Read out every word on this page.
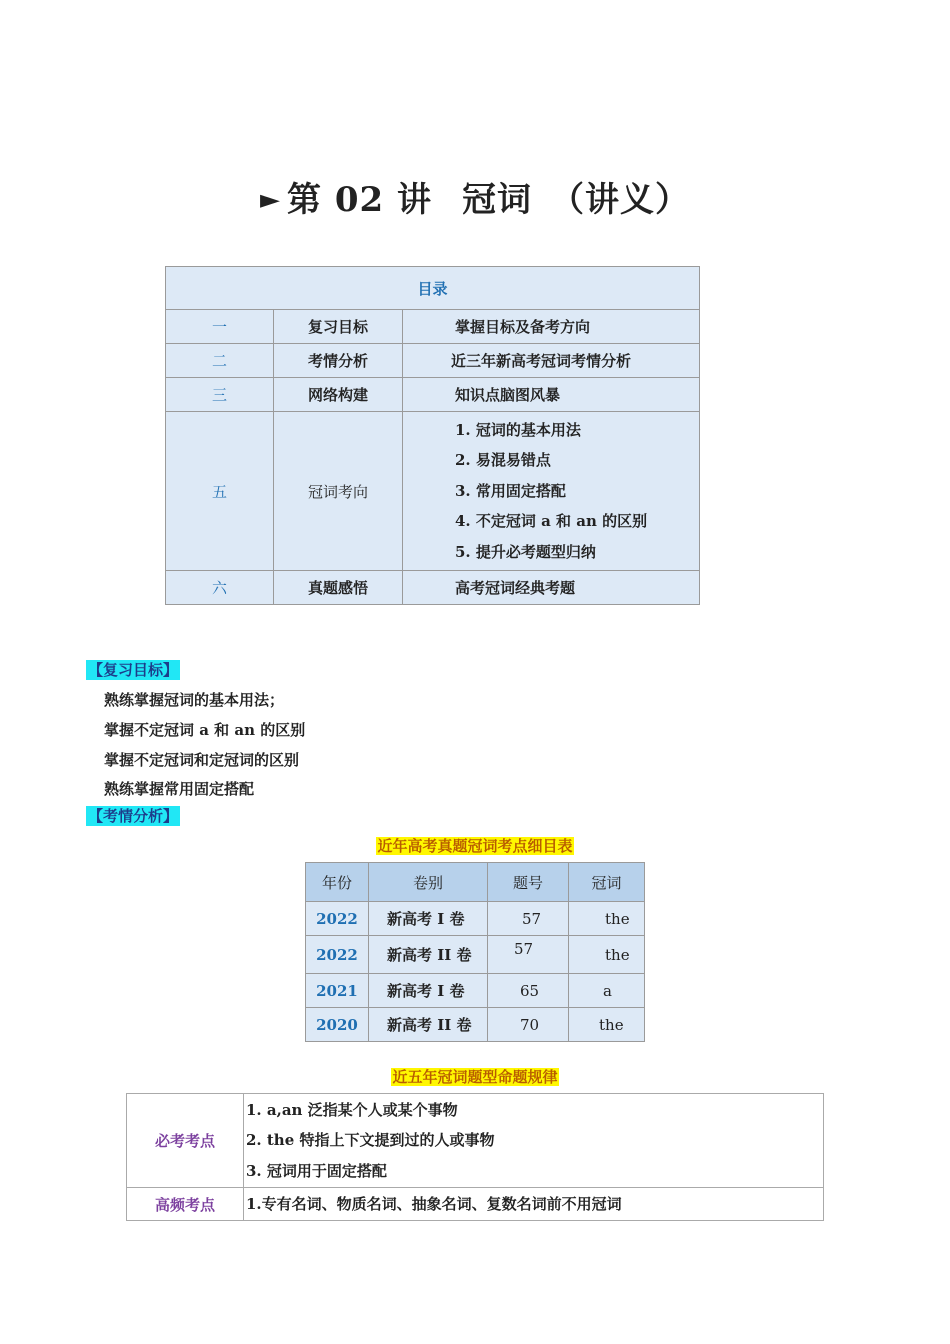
► 第 02 讲 冠词 （讲义）
目录		
一	复习目标	掌握目标及备考方向
二	考情分析	近三年新高考冠词考情分析
三	网络构建	知识点脑图风暴
五	冠词考向	1. 冠词的基本用法
2. 易混易错点
3. 常用固定搭配
4. 不定冠词 a 和 an 的区别
5. 提升必考题型归纳

六	真题感悟	高考冠词经典考题
【复习目标】
熟练掌握冠词的基本用法；
掌握不定冠词 a 和 an 的区别
掌握不定冠词和定冠词的区别
熟练掌握常用固定搭配
【考情分析】
近年高考真题冠词考点细目表
年份	卷别	题号	冠词
2022	新高考 I 卷	57	the
2022	新高考 II 卷	57	the
2021	新高考 I 卷	65	a
2020	新高考 II 卷	70	the
近五年冠词题型命题规律
必考考点	1. a,an 泛指某个人或某个事物
2. the 特指上下文提到过的人或事物
3. 冠词用于固定搭配

高频考点	1.专有名词、物质名词、抽象名词、复数名词前不用冠词
